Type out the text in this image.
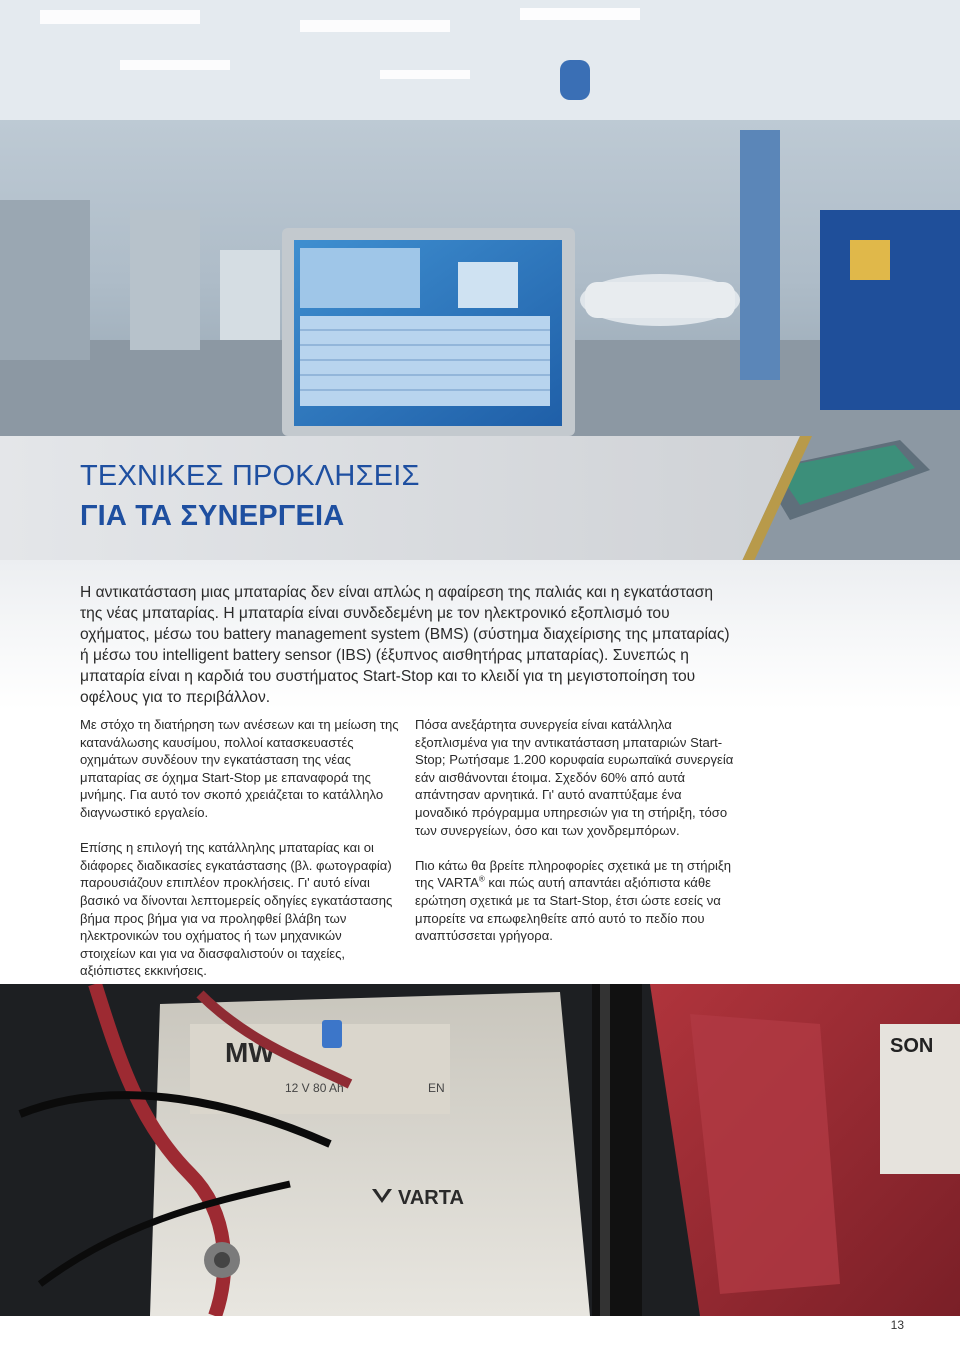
ΤΕΧΝΙΚΕΣ ΠΡΟΚΛΗΣΕΙΣ
ΓΙΑ ΤΑ ΣΥΝΕΡΓΕΙΑ
Η αντικατάσταση μιας μπαταρίας δεν είναι απλώς η αφαίρεση της παλιάς και η εγκατάσταση της νέας μπαταρίας. Η μπαταρία είναι συνδεδεμένη με τον ηλεκτρονικό εξοπλισμό του οχήματος, μέσω του battery management system (BMS) (σύστημα διαχείρισης της μπαταρίας) ή μέσω του intelligent battery sensor (IBS) (έξυπνος αισθητήρας μπαταρίας). Συνεπώς η μπαταρία είναι η καρδιά του συστήματος Start-Stop και το κλειδί για τη μεγιστοποίηση του οφέλους για το περιβάλλον.

Με στόχο τη διατήρηση των ανέσεων και τη μείωση της κατανάλωσης καυσίμου, πολλοί κατασκευαστές οχημάτων συνδέουν την εγκατάσταση της νέας μπαταρίας σε όχημα Start-Stop με επαναφορά της μνήμης. Για αυτό τον σκοπό χρειάζεται το κατάλληλο διαγνωστικό εργαλείο.

Επίσης η επιλογή της κατάλληλης μπαταρίας και οι διάφορες διαδικασίες εγκατάστασης (βλ. φωτογραφία) παρουσιάζουν επιπλέον προκλήσεις. Γι' αυτό είναι βασικό να δίνονται λεπτομερείς οδηγίες εγκατάστασης βήμα προς βήμα για να προληφθεί βλάβη των ηλεκτρονικών του οχήματος ή των μηχανικών στοιχείων και για να διασφαλιστούν οι ταχείες, αξιόπιστες εκκινήσεις.

Πόσα ανεξάρτητα συνεργεία είναι κατάλληλα εξοπλισμένα για την αντικατάσταση μπαταριών Start-Stop; Ρωτήσαμε 1.200 κορυφαία ευρωπαϊκά συνεργεία εάν αισθάνονται έτοιμα. Σχεδόν 60% από αυτά απάντησαν αρνητικά. Γι' αυτό αναπτύξαμε ένα μοναδικό πρόγραμμα υπηρεσιών για τη στήριξη, τόσο των συνεργείων, όσο και των χονδρεμπόρων.

Πιο κάτω θα βρείτε πληροφορίες σχετικά με τη στήριξη της VARTA® και πώς αυτή απαντάει αξιόπιστα κάθε ερώτηση σχετικά με τα Start-Stop, έτσι ώστε εσείς να μπορείτε να επωφεληθείτε από αυτό το πεδίο που αναπτύσσεται γρήγορα.

MW
12 V 80 Ah	ΕΝ
VARTA
SON
13
